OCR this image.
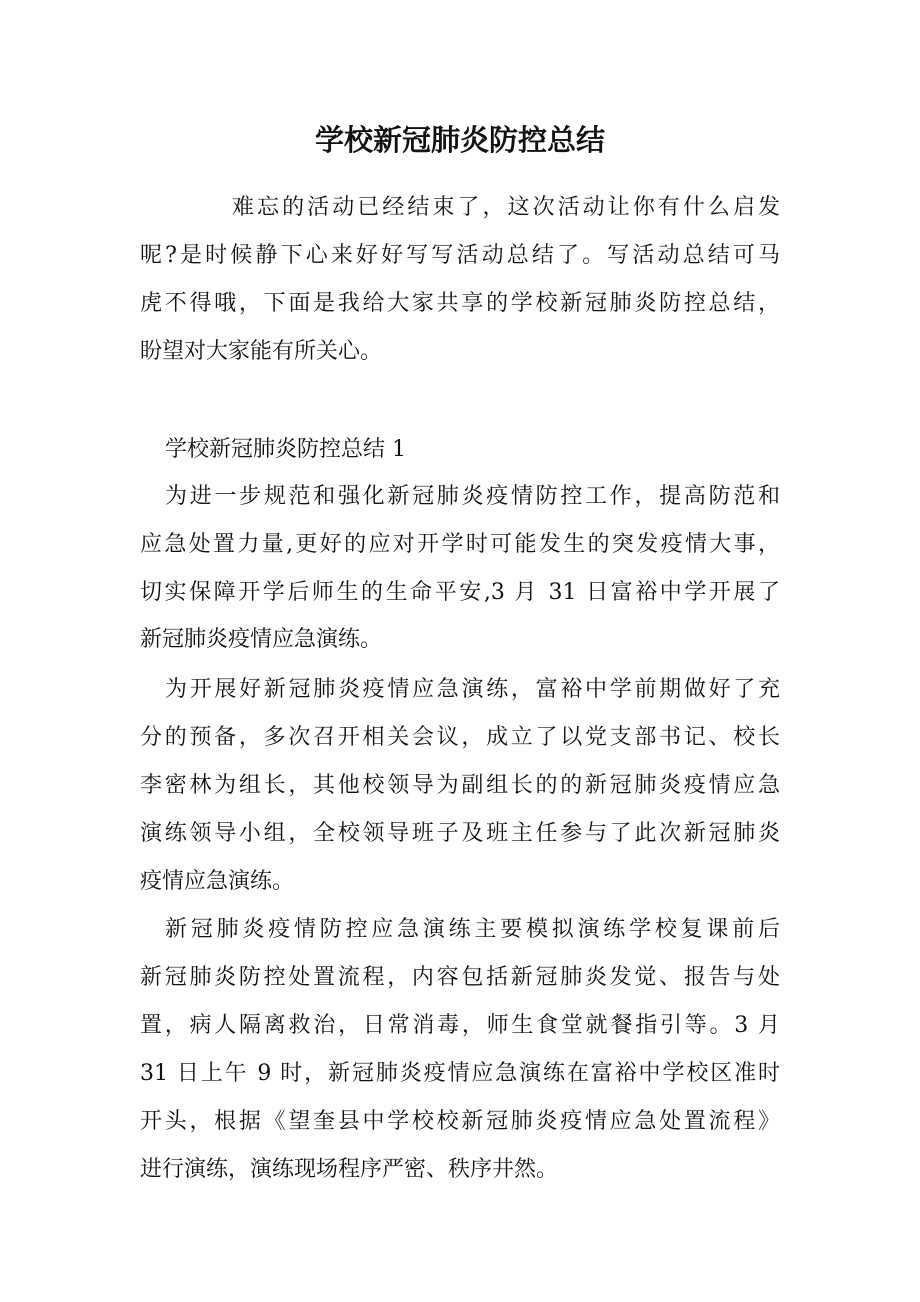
学校新冠肺炎防控总结
难忘的活动已经结束了，这次活动让你有什么启发
呢?是时候静下心来好好写写活动总结了。写活动总结可马
虎不得哦，下面是我给大家共享的学校新冠肺炎防控总结，
盼望对大家能有所关心。
学校新冠肺炎防控总结 1
为进一步规范和强化新冠肺炎疫情防控工作，提高防范和
应急处置力量,更好的应对开学时可能发生的突发疫情大事，
切实保障开学后师生的生命平安,3 月 31 日富裕中学开展了
新冠肺炎疫情应急演练。
为开展好新冠肺炎疫情应急演练，富裕中学前期做好了充
分的预备，多次召开相关会议，成立了以党支部书记、校长
李密林为组长，其他校领导为副组长的的新冠肺炎疫情应急
演练领导小组，全校领导班子及班主任参与了此次新冠肺炎
疫情应急演练。
新冠肺炎疫情防控应急演练主要模拟演练学校复课前后
新冠肺炎防控处置流程，内容包括新冠肺炎发觉、报告与处
置，病人隔离救治，日常消毒，师生食堂就餐指引等。3 月
31 日上午 9 时，新冠肺炎疫情应急演练在富裕中学校区准时
开头，根据《望奎县中学校校新冠肺炎疫情应急处置流程》
进行演练，演练现场程序严密、秩序井然。
